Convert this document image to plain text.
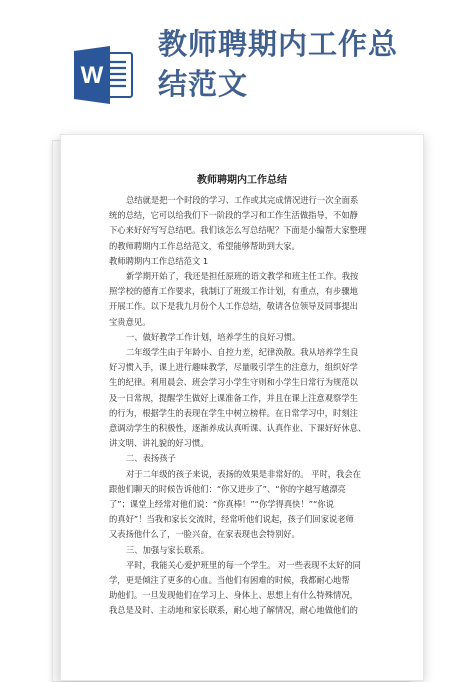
W
教师聘期内工作总
结范文
教师聘期内工作总结

总结就是把一个时段的学习、工作或其完成情况进行一次全面系

统的总结，它可以给我们下一阶段的学习和工作生活做指导，不如静

下心来好好写写总结吧。我们该怎么写总结呢？下面是小编帮大家整理

的教师聘期内工作总结范文，希望能够帮助到大家。

教师聘期内工作总结范文 1

新学期开始了，我还是担任原班的语文教学和班主任工作。我按

照学校的德育工作要求，我制订了班级工作计划，有重点，有步骤地

开展工作。以下是我九月份个人工作总结，敬请各位领导及同事提出

宝贵意见。

一、做好教学工作计划，培养学生的良好习惯。

二年级学生由于年龄小、自控力差，纪律涣散。我从培养学生良

好习惯入手，课上进行趣味教学，尽量吸引学生的注意力，组织好学

生的纪律。利用晨会、班会学习小学生守则和小学生日常行为规范以

及一日常规，提醒学生做好上课准备工作，并且在课上注意观察学生

的行为，根据学生的表现在学生中树立榜样。在日常学习中，时刻注

意调动学生的积极性，逐渐养成认真听课、认真作业、下课好好休息、

讲文明、讲礼貌的好习惯。

二、表扬孩子

对于二年级的孩子来说，表扬的效果是非常好的。 平时，我会在

跟他们聊天的时候告诉他们：“你又进步了”、“你的字越写越漂亮

了”；课堂上经常对他们说：“你真棒！”“你学得真快！”“你说

的真好”！当我和家长交流时，经常听他们说起，孩子们回家说老师

又表扬他什么了，一脸兴奋，在家表现也会特别好。

三、加强与家长联系。

平时，我能关心爱护班里的每一个学生。 对一些表现不太好的同

学，更是倾注了更多的心血。当他们有困难的时候，我都耐心地帮

助他们。一旦发现他们在学习上、身体上、思想上有什么特殊情况，

我总是及时、主动地和家长联系，耐心地了解情况，耐心地做他们的
